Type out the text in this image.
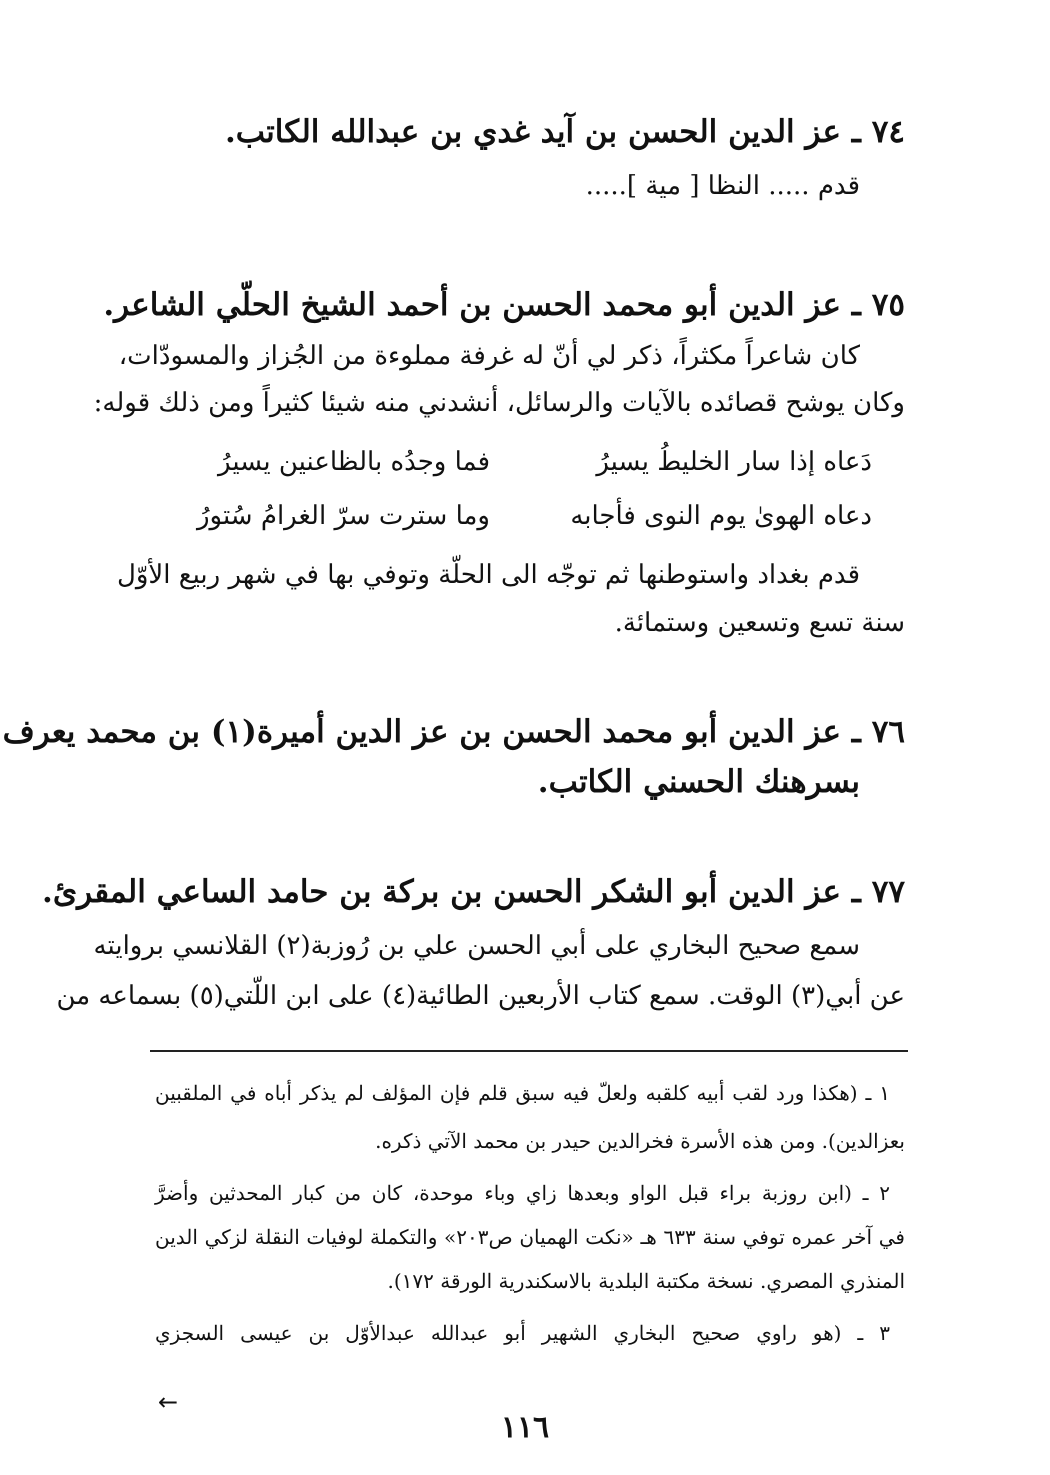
٧٤ ـ عز الدين الحسن بن آيد غدي بن عبدالله الكاتب.
قدم ..... النظا [ مية ].....
٧٥ ـ عز الدين أبو محمد الحسن بن أحمد الشيخ الحلّي الشاعر.
كان شاعراً مكثراً، ذكر لي أنّ له غرفة مملوءة من الجُزاز والمسودّات،
وكان يوشح قصائده بالآيات والرسائل، أنشدني منه شيئا كثيراً ومن ذلك قوله:
دَعاه إذا سار الخليطُ يسيرُ
فما وجدُه بالظاعنين يسيرُ
دعاه الهوىٰ يوم النوى فأجابه
وما سترت سرّ الغرامُ سُتورُ
قدم بغداد واستوطنها ثم توجّه الى الحلّة وتوفي بها في شهر ربيع الأوّل
سنة تسع وتسعين وستمائة.
٧٦ ـ عز الدين أبو محمد الحسن بن عز الدين أميرة(١) بن محمد يعرف
بسرهنك الحسني الكاتب.
٧٧ ـ عز الدين أبو الشكر الحسن بن بركة بن حامد الساعي المقرئ.
سمع صحيح البخاري على أبي الحسن علي بن رُوزبة(٢) القلانسي بروايته
عن أبي(٣) الوقت. سمع كتاب الأربعين الطائية(٤) على ابن اللّتي(٥) بسماعه من
١ ـ (هكذا ورد لقب أبيه كلقبه ولعلّ فيه سبق قلم فإن المؤلف لم يذكر أباه في الملقبين
بعزالدين). ومن هذه الأسرة فخرالدين حيدر بن محمد الآتي ذكره.
٢ ـ (ابن روزبة براء قبل الواو وبعدها زاي وباء موحدة، كان من كبار المحدثين وأضرَّ
في آخر عمره توفي سنة ٦٣٣ هـ «نكت الهميان ص٢٠٣» والتكملة لوفيات النقلة لزكي الدين
المنذري المصري. نسخة مكتبة البلدية بالاسكندرية الورقة ١٧٢).
٣ ـ (هو راوي صحيح البخاري الشهير أبو عبدالله عبدالأوّل بن عيسى السجزي
←
١١٦
